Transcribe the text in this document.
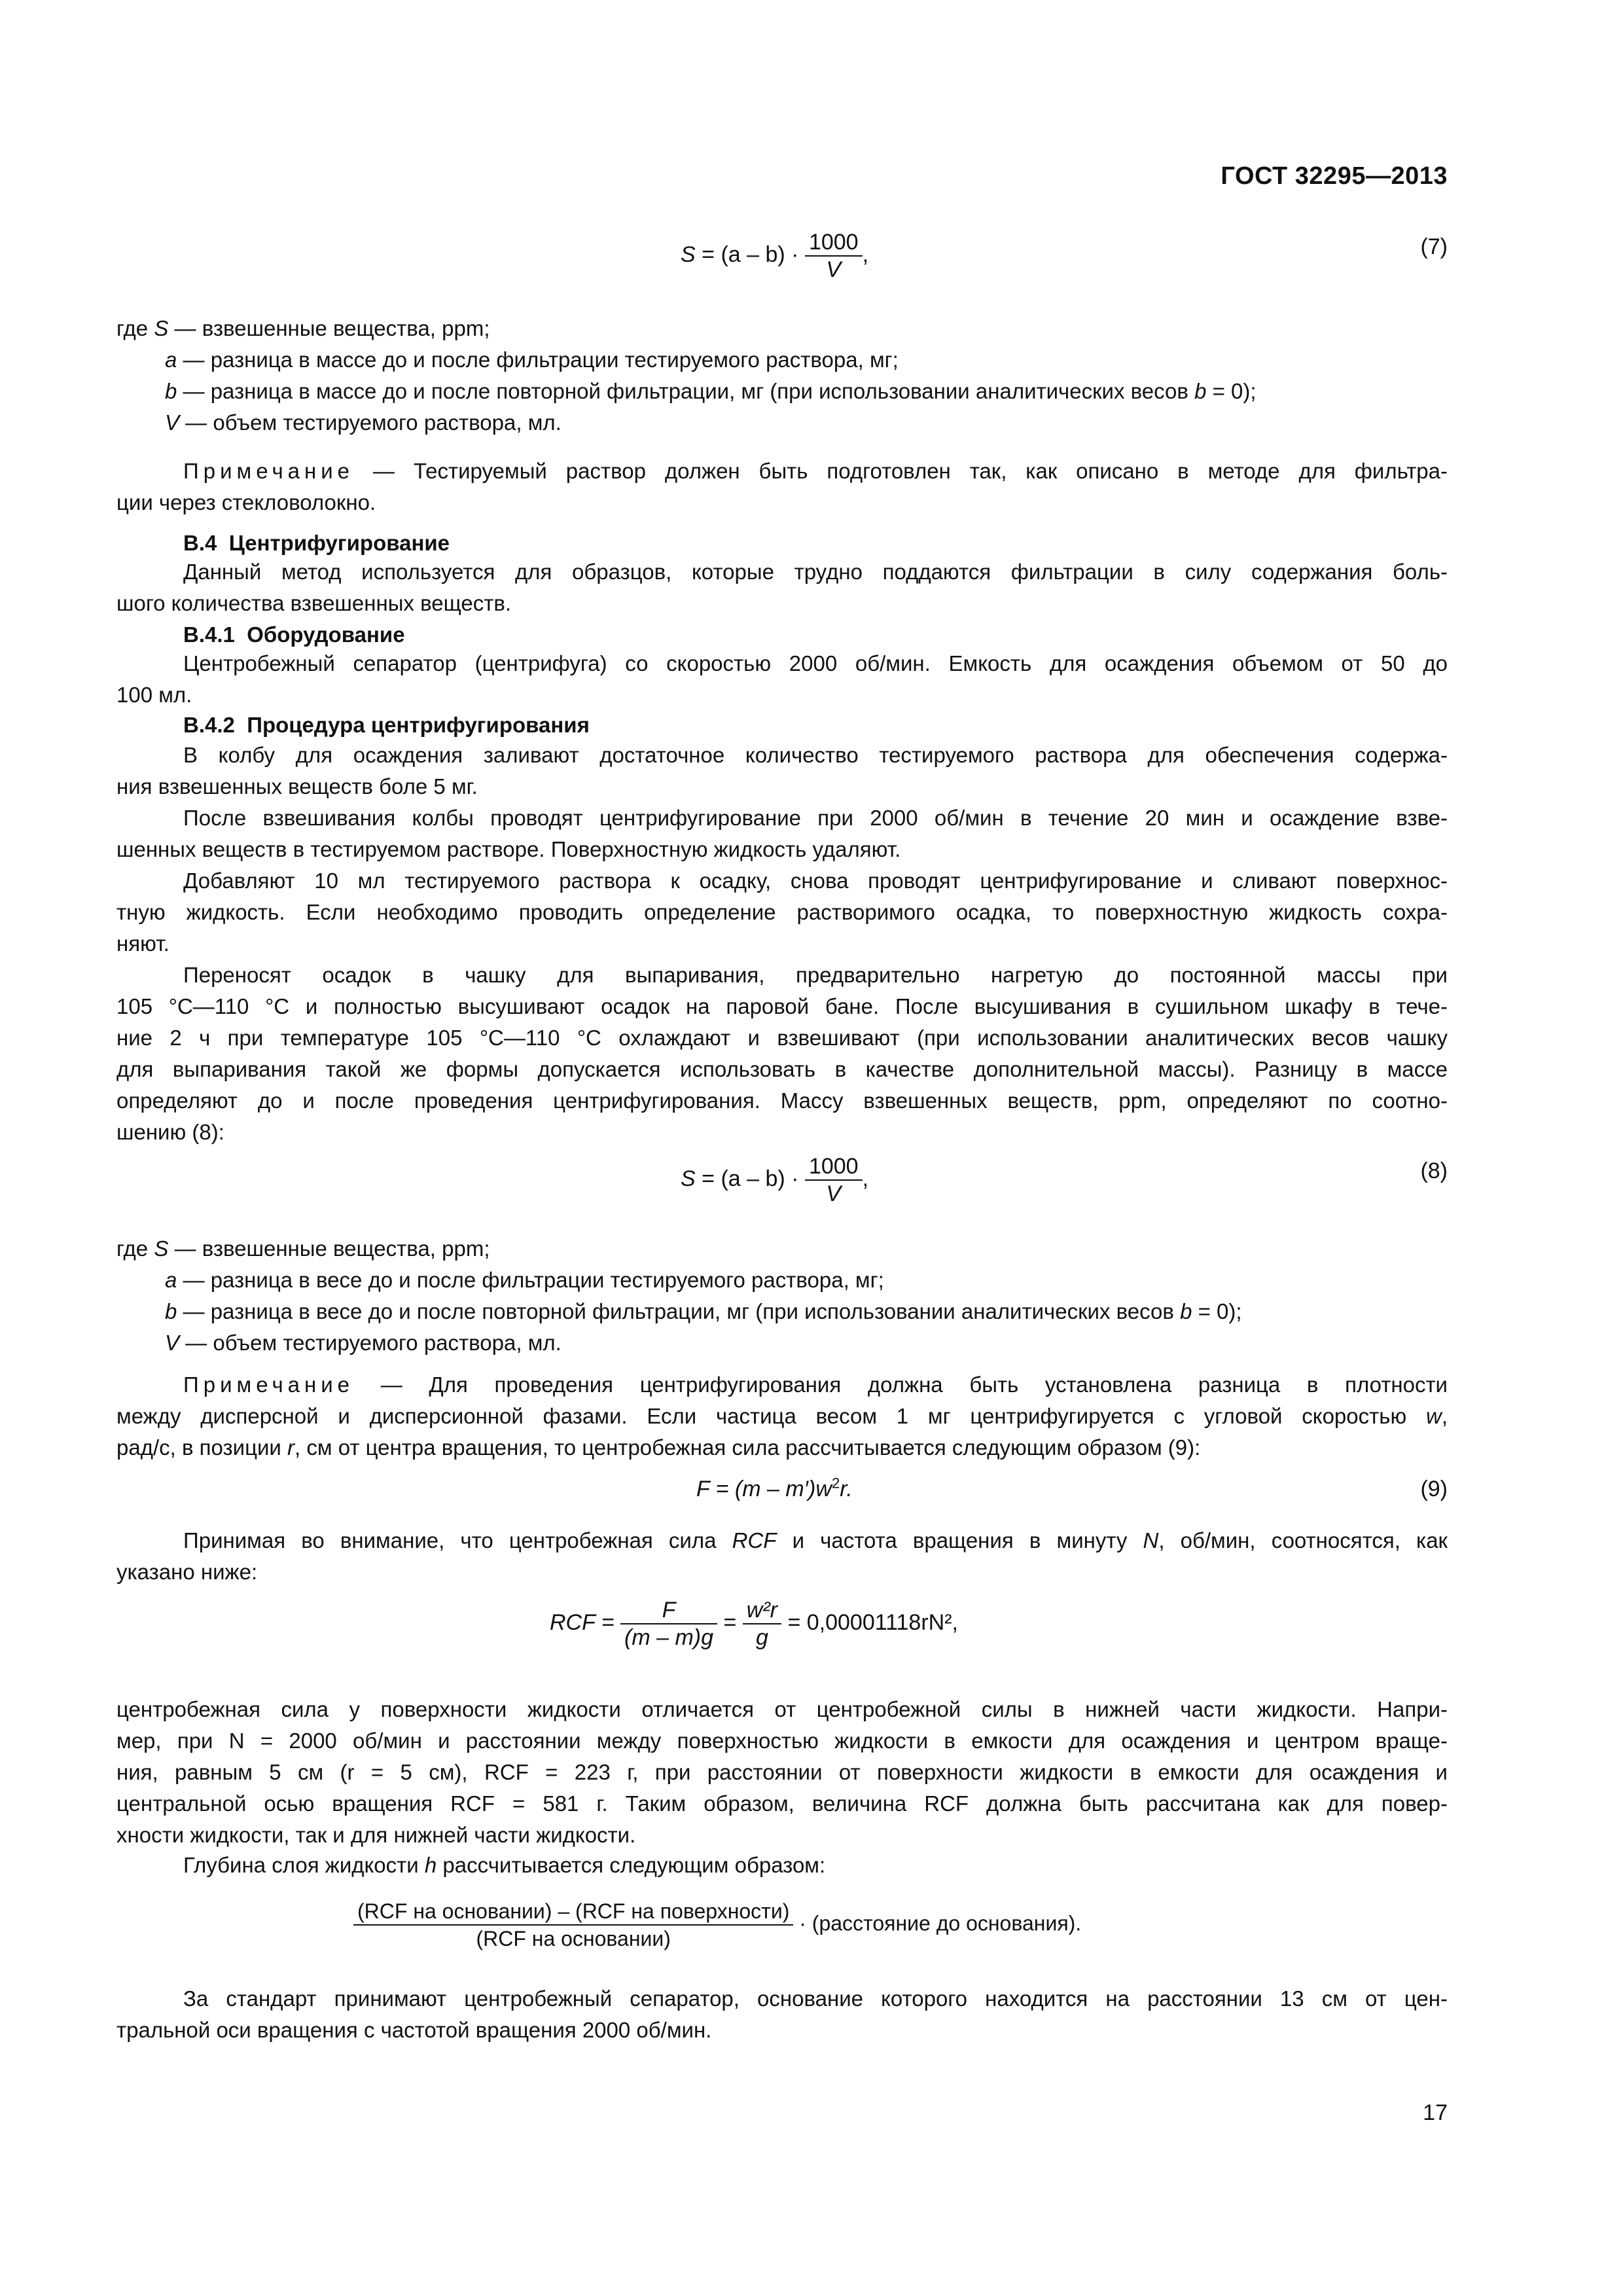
ГОСТ 32295—2013
$S = (a - b) \cdot \frac{1000}{V}$ ,	(7)
где S — взвешенные вещества, ppm;
a — разница в массе до и после фильтрации тестируемого раствора, мг;
b — разница в массе до и после повторной фильтрации, мг (при использовании аналитических весов b = 0);
V — объем тестируемого раствора, мл.
Примечание — Тестируемый раствор должен быть подготовлен так, как описано в методе для фильтра-
ции через стекловолокно.
В.4 Центрифугирование
Данный метод используется для образцов, которые трудно поддаются фильтрации в силу содержания боль-
шого количества взвешенных веществ.
В.4.1 Оборудование
Центробежный сепаратор (центрифуга) со скоростью 2000 об/мин. Емкость для осаждения объемом от 50 до
100 мл.
В.4.2 Процедура центрифугирования
В колбу для осаждения заливают достаточное количество тестируемого раствора для обеспечения содержа-
ния взвешенных веществ боле 5 мг.
После взвешивания колбы проводят центрифугирование при 2000 об/мин в течение 20 мин и осаждение взве-
шенных веществ в тестируемом растворе. Поверхностную жидкость удаляют.
Добавляют 10 мл тестируемого раствора к осадку, снова проводят центрифугирование и сливают поверхнос-
тную жидкость. Если необходимо проводить определение растворимого осадка, то поверхностную жидкость сохра-
няют.
Переносят осадок в чашку для выпаривания, предварительно нагретую до постоянной массы при
105 °С—110 °С и полностью высушивают осадок на паровой бане. После высушивания в сушильном шкафу в тече-
ние 2 ч при температуре 105 °С—110 °С охлаждают и взвешивают (при использовании аналитических весов чашку
для выпаривания такой же формы допускается использовать в качестве дополнительной массы). Разницу в массе
определяют до и после проведения центрифугирования. Массу взвешенных веществ, ppm, определяют по соотно-
шению (8):
$S = (a - b) \cdot \frac{1000}{V}$ ,	(8)
где S — взвешенные вещества, ppm;
a — разница в весе до и после фильтрации тестируемого раствора, мг;
b — разница в весе до и после повторной фильтрации, мг (при использовании аналитических весов b = 0);
V — объем тестируемого раствора, мл.
Примечание — Для проведения центрифугирования должна быть установлена разница в плотности
между дисперсной и дисперсионной фазами. Если частица весом 1 мг центрифугируется с угловой скоростью w,
рад/с, в позиции r, см от центра вращения, то центробежная сила рассчитывается следующим образом (9):
$F = (m - m')w^2r$.	(9)
Принимая во внимание, что центробежная сила RCF и частота вращения в минуту N, об/мин, соотносятся, как
указано ниже:
RCF = $\frac{F}{(m - m)g} = \frac{\text{w²r}}{g} = 0,00001118rN^2$,
центробежная сила у поверхности жидкости отличается от центробежной силы в нижней части жидкости. Напри-
мер, при N = 2000 об/мин и расстоянии между поверхностью жидкости в емкости для осаждения и центром враще-
ния, равным 5 см (r = 5 см), RCF = 223 г, при расстоянии от поверхности жидкости в емкости для осаждения и
центральной осью вращения RCF = 581 г. Таким образом, величина RCF должна быть рассчитана как для повер-
хности жидкости, так и для нижней части жидкости.
Глубина слоя жидкости h рассчитывается следующим образом:
$\frac{\text{(RCF на основании) – (RCF на поверхности)}}{\text{(RCF на основании)}}$ · (расстояние до основания).
За стандарт принимают центробежный сепаратор, основание которого находится на расстоянии 13 см от цен-
тральной оси вращения с частотой вращения 2000 об/мин.
17
